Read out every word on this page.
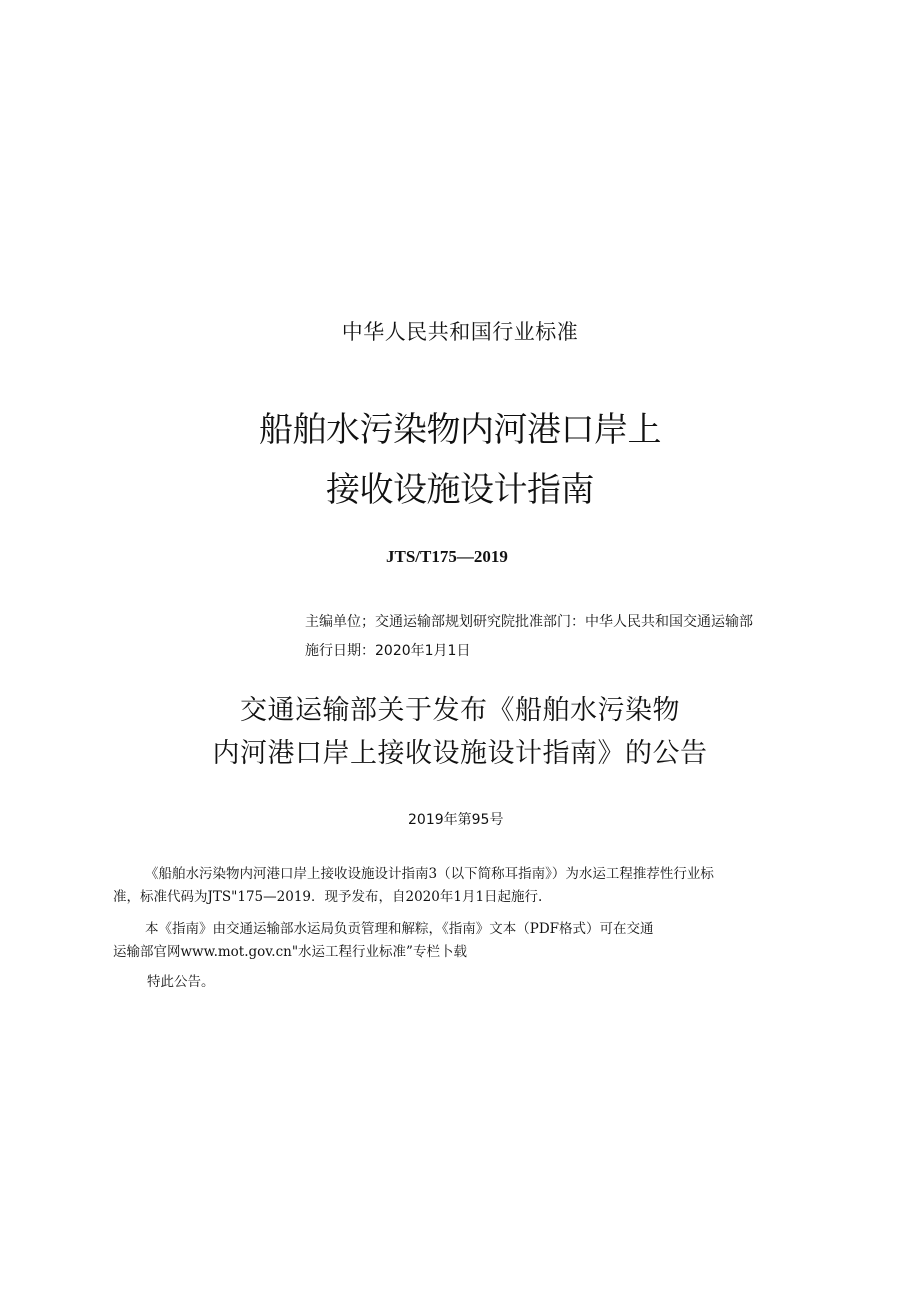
中华人民共和国行业标准
船舶水污染物内河港口岸上
接收设施设计指南
JTS/T175—2019
主编单位；交通运输部规划研究院批准部门：中华人民共和国交通运输部
施行日期：2020年1月1日
交通运输部关于发布《船舶水污染物
内河港口岸上接收设施设计指南》的公告
2019年第95号
《船舶水污染物内河港口岸上接收设施设计指南3（以下简称耳指南》）为水运工程推荐性行业标
准，标准代码为JTS"175—2019．现予发布，自2020年1月1日起施行.
本《指南》由交通运输部水运局负贡管理和解粽，《指南》文本（PDF格式）可在交通
运输部官网www.mot.gov.cn"水运工程行业标准”专栏卜载
特此公告。
